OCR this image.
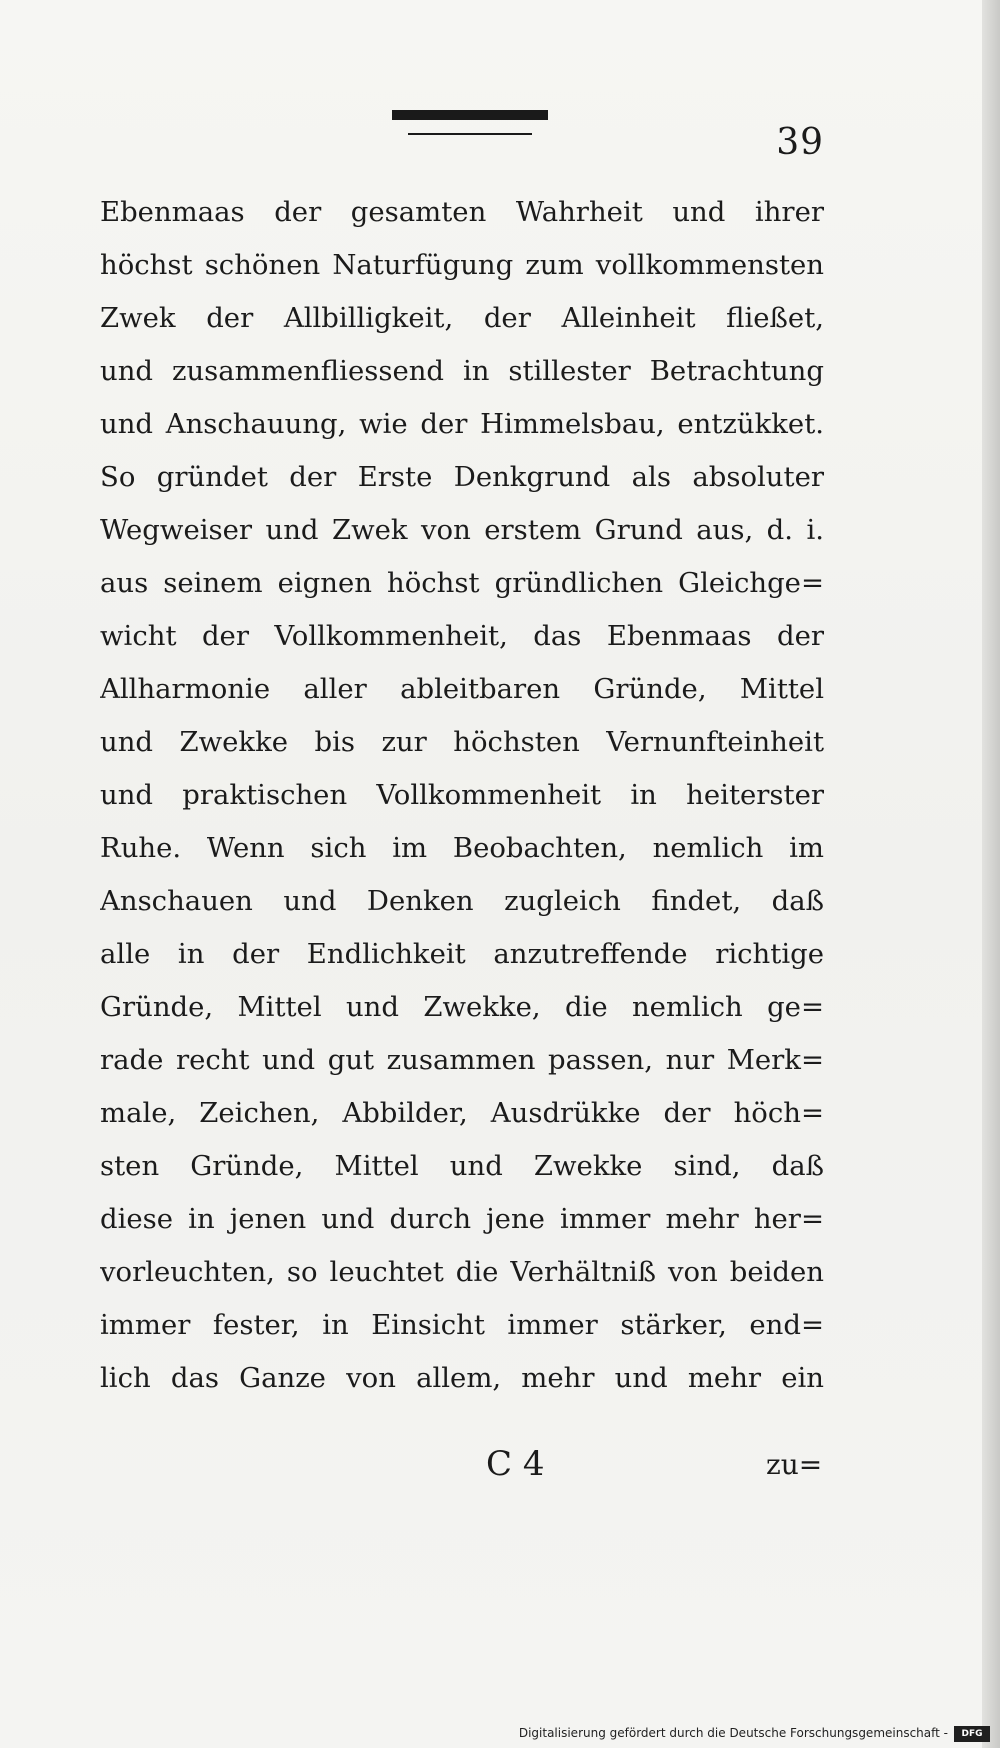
39
Ebenmaas der gesamten Wahrheit und ihrer
höchst schönen Naturfügung zum vollkommensten
Zwek der Allbilligkeit, der Alleinheit fließet,
und zusammenfliessend in stillester Betrachtung
und Anschauung, wie der Himmelsbau, entzükket.
So gründet der Erste Denkgrund als absoluter
Wegweiser und Zwek von erstem Grund aus, d. i.
aus seinem eignen höchst gründlichen Gleichge=
wicht der Vollkommenheit, das Ebenmaas der
Allharmonie aller ableitbaren Gründe, Mittel
und Zwekke bis zur höchsten Vernunfteinheit
und praktischen Vollkommenheit in heiterster
Ruhe. Wenn sich im Beobachten, nemlich im
Anschauen und Denken zugleich findet, daß
alle in der Endlichkeit anzutreffende richtige
Gründe, Mittel und Zwekke, die nemlich ge=
rade recht und gut zusammen passen, nur Merk=
male, Zeichen, Abbilder, Ausdrükke der höch=
sten Gründe, Mittel und Zwekke sind, daß
diese in jenen und durch jene immer mehr her=
vorleuchten, so leuchtet die Verhältniß von beiden
immer fester, in Einsicht immer stärker, end=
lich das Ganze von allem, mehr und mehr ein
C 4	zu=
Digitalisierung gefördert durch die Deutsche Forschungsgemeinschaft -	DFG
